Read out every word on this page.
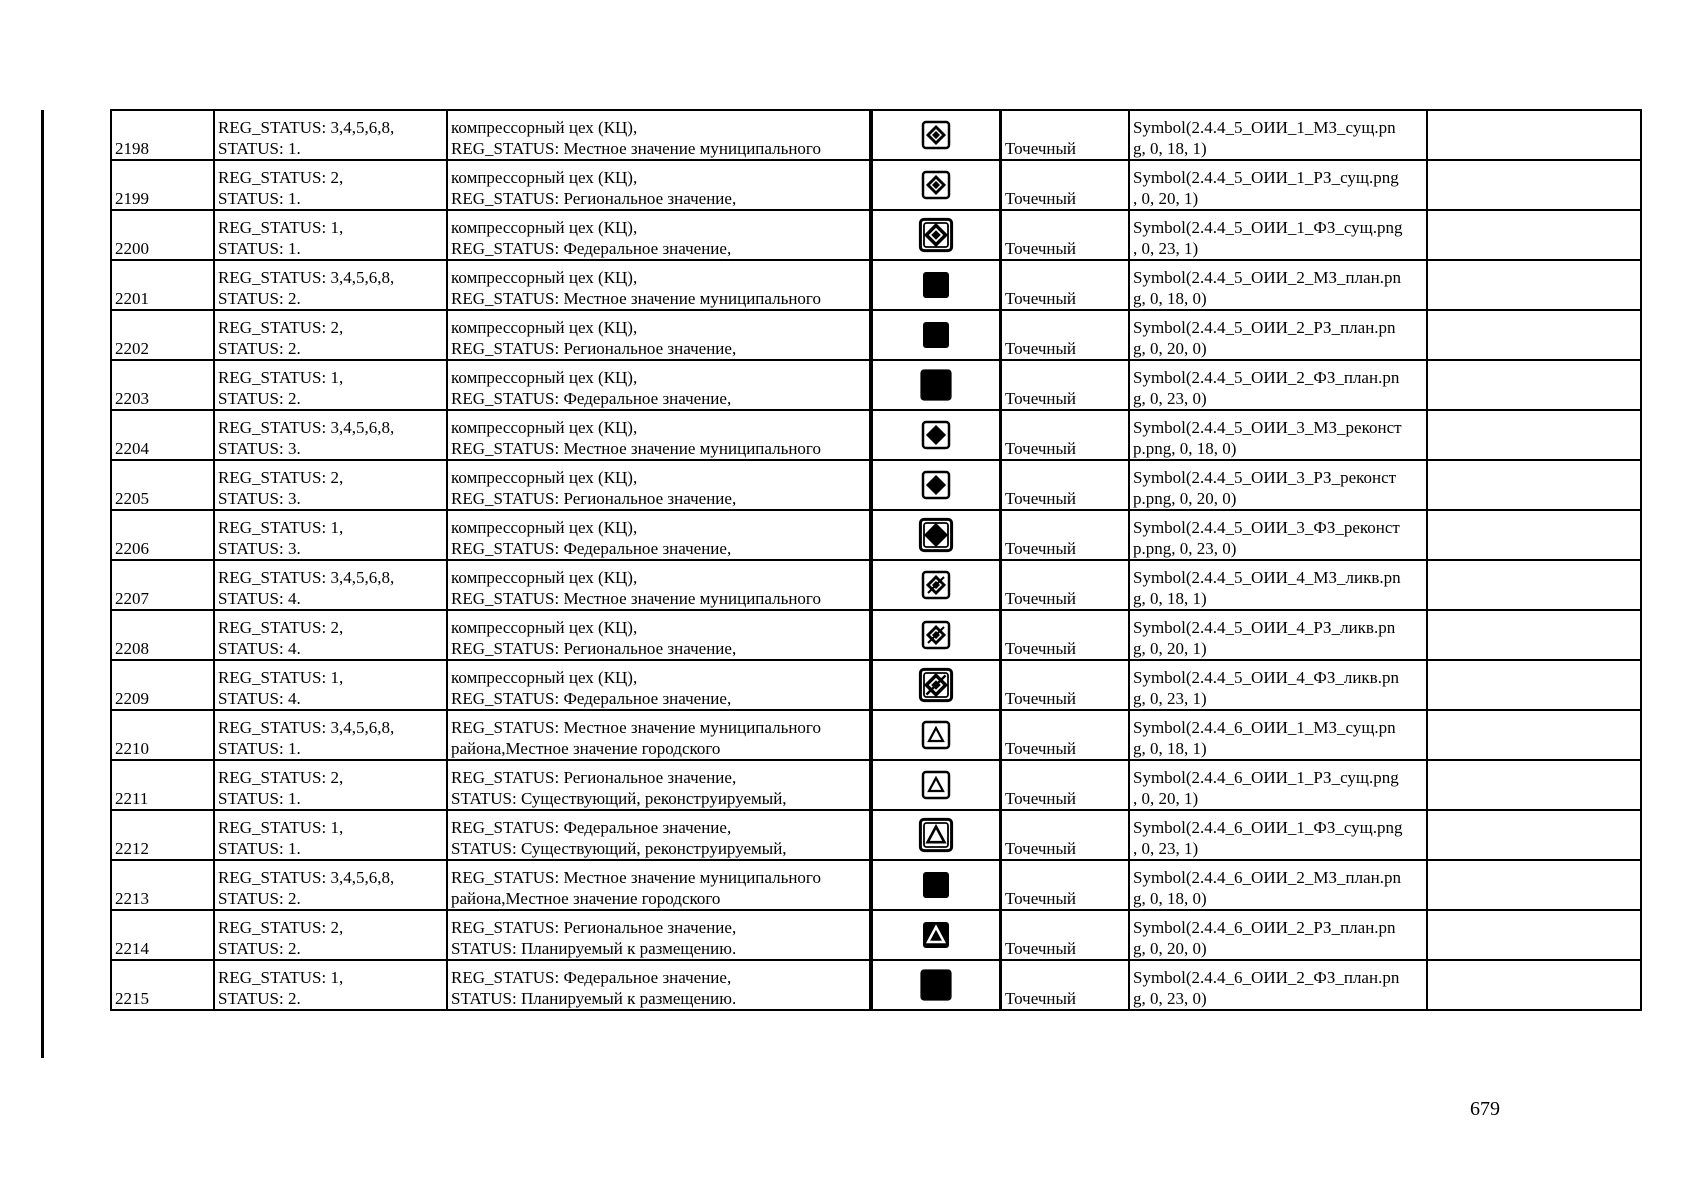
2198	REG_STATUS: 3,4,5,6,8,
STATUS: 1.	компрессорный цех (КЦ),
REG_STATUS: Местное значение муниципального		Точечный	Symbol(2.4.4_5_ОИИ_1_МЗ_сущ.pn
g, 0, 18, 1)	

2199	REG_STATUS: 2,
STATUS: 1.	компрессорный цех (КЦ),
REG_STATUS: Региональное значение,		Точечный	Symbol(2.4.4_5_ОИИ_1_РЗ_сущ.png
, 0, 20, 1)	

2200	REG_STATUS: 1,
STATUS: 1.	компрессорный цех (КЦ),
REG_STATUS: Федеральное значение,		Точечный	Symbol(2.4.4_5_ОИИ_1_ФЗ_сущ.png
, 0, 23, 1)	

2201	REG_STATUS: 3,4,5,6,8,
STATUS: 2.	компрессорный цех (КЦ),
REG_STATUS: Местное значение муниципального		Точечный	Symbol(2.4.4_5_ОИИ_2_МЗ_план.pn
g, 0, 18, 0)	

2202	REG_STATUS: 2,
STATUS: 2.	компрессорный цех (КЦ),
REG_STATUS: Региональное значение,		Точечный	Symbol(2.4.4_5_ОИИ_2_РЗ_план.pn
g, 0, 20, 0)	

2203	REG_STATUS: 1,
STATUS: 2.	компрессорный цех (КЦ),
REG_STATUS: Федеральное значение,		Точечный	Symbol(2.4.4_5_ОИИ_2_ФЗ_план.pn
g, 0, 23, 0)	

2204	REG_STATUS: 3,4,5,6,8,
STATUS: 3.	компрессорный цех (КЦ),
REG_STATUS: Местное значение муниципального		Точечный	Symbol(2.4.4_5_ОИИ_3_МЗ_реконст
р.png, 0, 18, 0)	

2205	REG_STATUS: 2,
STATUS: 3.	компрессорный цех (КЦ),
REG_STATUS: Региональное значение,		Точечный	Symbol(2.4.4_5_ОИИ_3_РЗ_реконст
р.png, 0, 20, 0)	

2206	REG_STATUS: 1,
STATUS: 3.	компрессорный цех (КЦ),
REG_STATUS: Федеральное значение,		Точечный	Symbol(2.4.4_5_ОИИ_3_ФЗ_реконст
р.png, 0, 23, 0)	

2207	REG_STATUS: 3,4,5,6,8,
STATUS: 4.	компрессорный цех (КЦ),
REG_STATUS: Местное значение муниципального		Точечный	Symbol(2.4.4_5_ОИИ_4_МЗ_ликв.pn
g, 0, 18, 1)	

2208	REG_STATUS: 2,
STATUS: 4.	компрессорный цех (КЦ),
REG_STATUS: Региональное значение,		Точечный	Symbol(2.4.4_5_ОИИ_4_РЗ_ликв.pn
g, 0, 20, 1)	

2209	REG_STATUS: 1,
STATUS: 4.	компрессорный цех (КЦ),
REG_STATUS: Федеральное значение,		Точечный	Symbol(2.4.4_5_ОИИ_4_ФЗ_ликв.pn
g, 0, 23, 1)	

2210	REG_STATUS: 3,4,5,6,8,
STATUS: 1.	REG_STATUS: Местное значение муниципального
района,Местное значение городского		Точечный	Symbol(2.4.4_6_ОИИ_1_МЗ_сущ.pn
g, 0, 18, 1)	

2211	REG_STATUS: 2,
STATUS: 1.	REG_STATUS: Региональное значение,
STATUS: Существующий, реконструируемый,		Точечный	Symbol(2.4.4_6_ОИИ_1_РЗ_сущ.png
, 0, 20, 1)	

2212	REG_STATUS: 1,
STATUS: 1.	REG_STATUS: Федеральное значение,
STATUS: Существующий, реконструируемый,		Точечный	Symbol(2.4.4_6_ОИИ_1_ФЗ_сущ.png
, 0, 23, 1)	

2213	REG_STATUS: 3,4,5,6,8,
STATUS: 2.	REG_STATUS: Местное значение муниципального
района,Местное значение городского		Точечный	Symbol(2.4.4_6_ОИИ_2_МЗ_план.pn
g, 0, 18, 0)	

2214	REG_STATUS: 2,
STATUS: 2.	REG_STATUS: Региональное значение,
STATUS: Планируемый к размещению.		Точечный	Symbol(2.4.4_6_ОИИ_2_РЗ_план.pn
g, 0, 20, 0)	

2215	REG_STATUS: 1,
STATUS: 2.	REG_STATUS: Федеральное значение,
STATUS: Планируемый к размещению.		Точечный	Symbol(2.4.4_6_ОИИ_2_ФЗ_план.pn
g, 0, 23, 0)	

679
